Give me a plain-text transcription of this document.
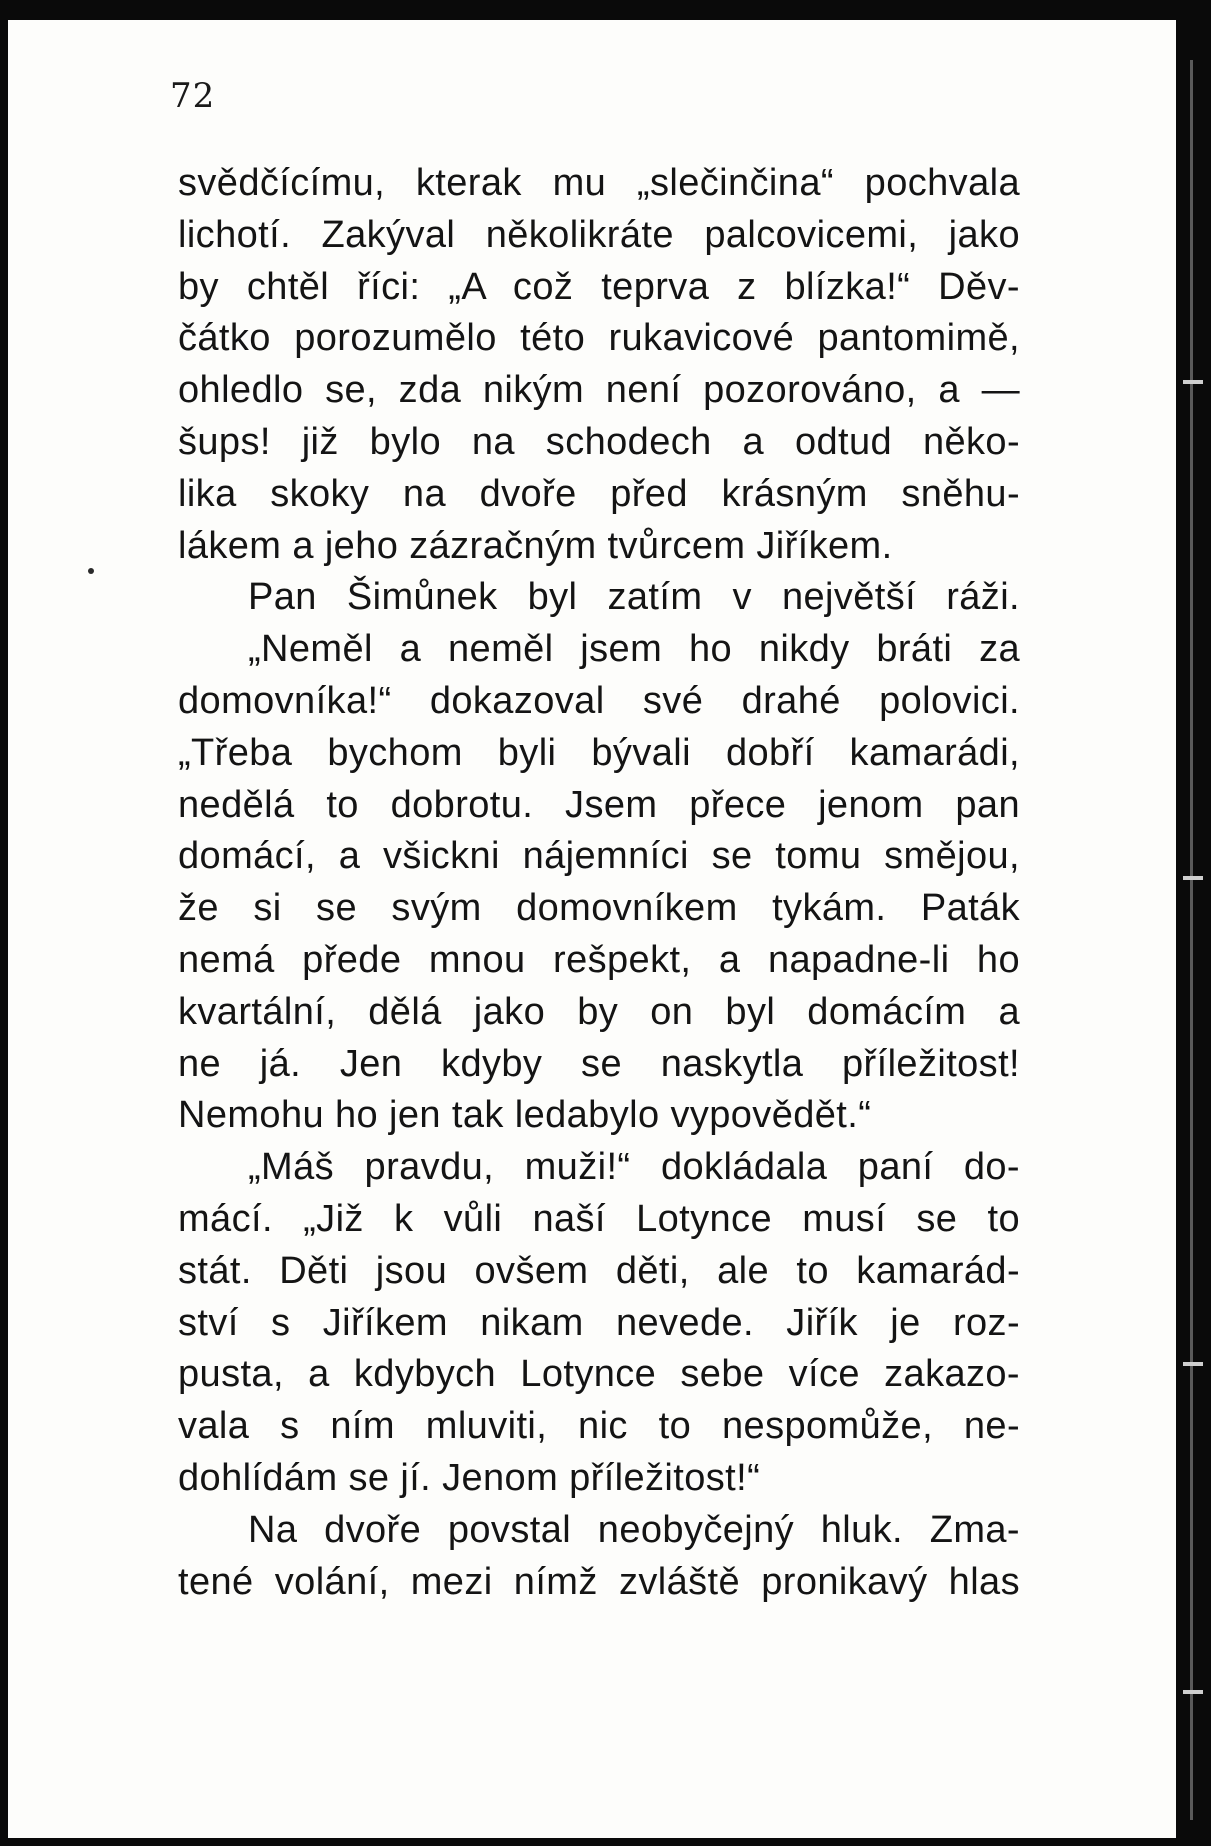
72
svědčícímu, kterak mu „slečinčina“ pochvala
lichotí. Zakýval několikráte palcovicemi, jako
by chtěl říci: „A což teprva z blízka!“ Děv-
čátko porozumělo této rukavicové pantomimě,
ohledlo se, zda nikým není pozorováno, a —
šups! již bylo na schodech a odtud něko-
lika skoky na dvoře před krásným sněhu-
lákem a jeho zázračným tvůrcem Jiříkem.
Pan Šimůnek byl zatím v největší ráži.
„Neměl a neměl jsem ho nikdy bráti za
domovníka!“ dokazoval své drahé polovici.
„Třeba bychom byli bývali dobří kamarádi,
nedělá to dobrotu. Jsem přece jenom pan
domácí, a všickni nájemníci se tomu smějou,
že si se svým domovníkem tykám. Paták
nemá přede mnou rešpekt, a napadne-li ho
kvartální, dělá jako by on byl domácím a
ne já. Jen kdyby se naskytla příležitost!
Nemohu ho jen tak ledabylo vypovědět.“
„Máš pravdu, muži!“ dokládala paní do-
mácí. „Již k vůli naší Lotynce musí se to
stát. Děti jsou ovšem děti, ale to kamarád-
ství s Jiříkem nikam nevede. Jiřík je roz-
pusta, a kdybych Lotynce sebe více zakazo-
vala s ním mluviti, nic to nespomůže, ne-
dohlídám se jí. Jenom příležitost!“
Na dvoře povstal neobyčejný hluk. Zma-
tené volání, mezi nímž zvláště pronikavý hlas
